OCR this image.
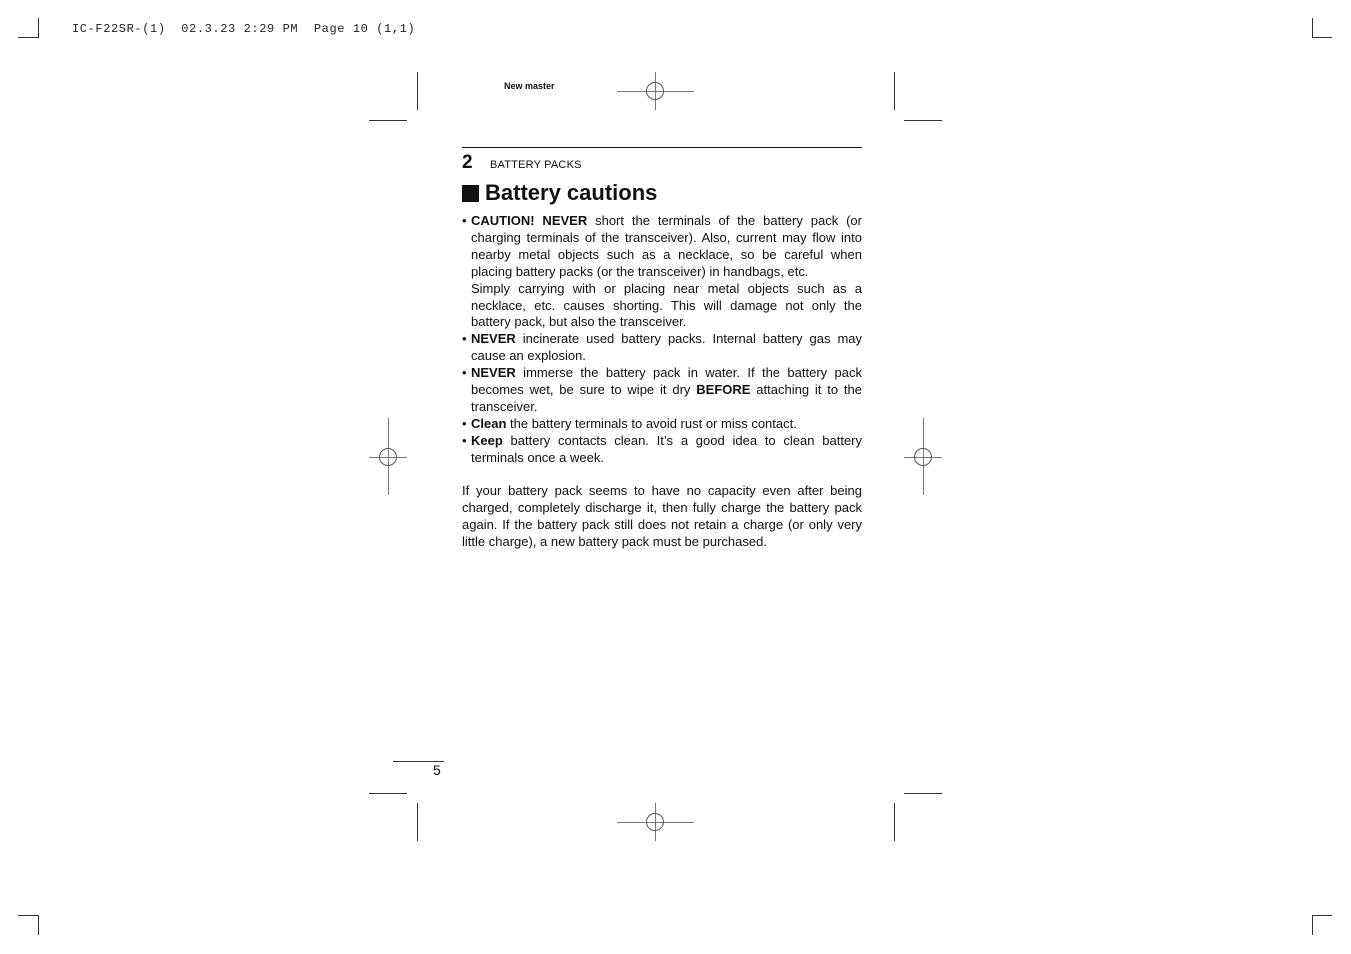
IC-F22SR-(1)  02.3.23 2:29 PM  Page 10 (1,1)
New master
2 BATTERY PACKS
Battery cautions
• CAUTION! NEVER short the terminals of the battery pack (or charging terminals of the transceiver). Also, current may flow into nearby metal objects such as a necklace, so be careful when placing battery packs (or the transceiver) in handbags, etc.

Simply carrying with or placing near metal objects such as a necklace, etc. causes shorting. This will damage not only the battery pack, but also the transceiver.

• NEVER incinerate used battery packs. Internal battery gas may cause an explosion.

• NEVER immerse the battery pack in water. If the battery pack becomes wet, be sure to wipe it dry BEFORE attaching it to the transceiver.

• Clean the battery terminals to avoid rust or miss contact.

• Keep battery contacts clean. It’s a good idea to clean battery terminals once a week.

If your battery pack seems to have no capacity even after being charged, completely discharge it, then fully charge the battery pack again. If the battery pack still does not retain a charge (or only very little charge), a new battery pack must be purchased.

5
